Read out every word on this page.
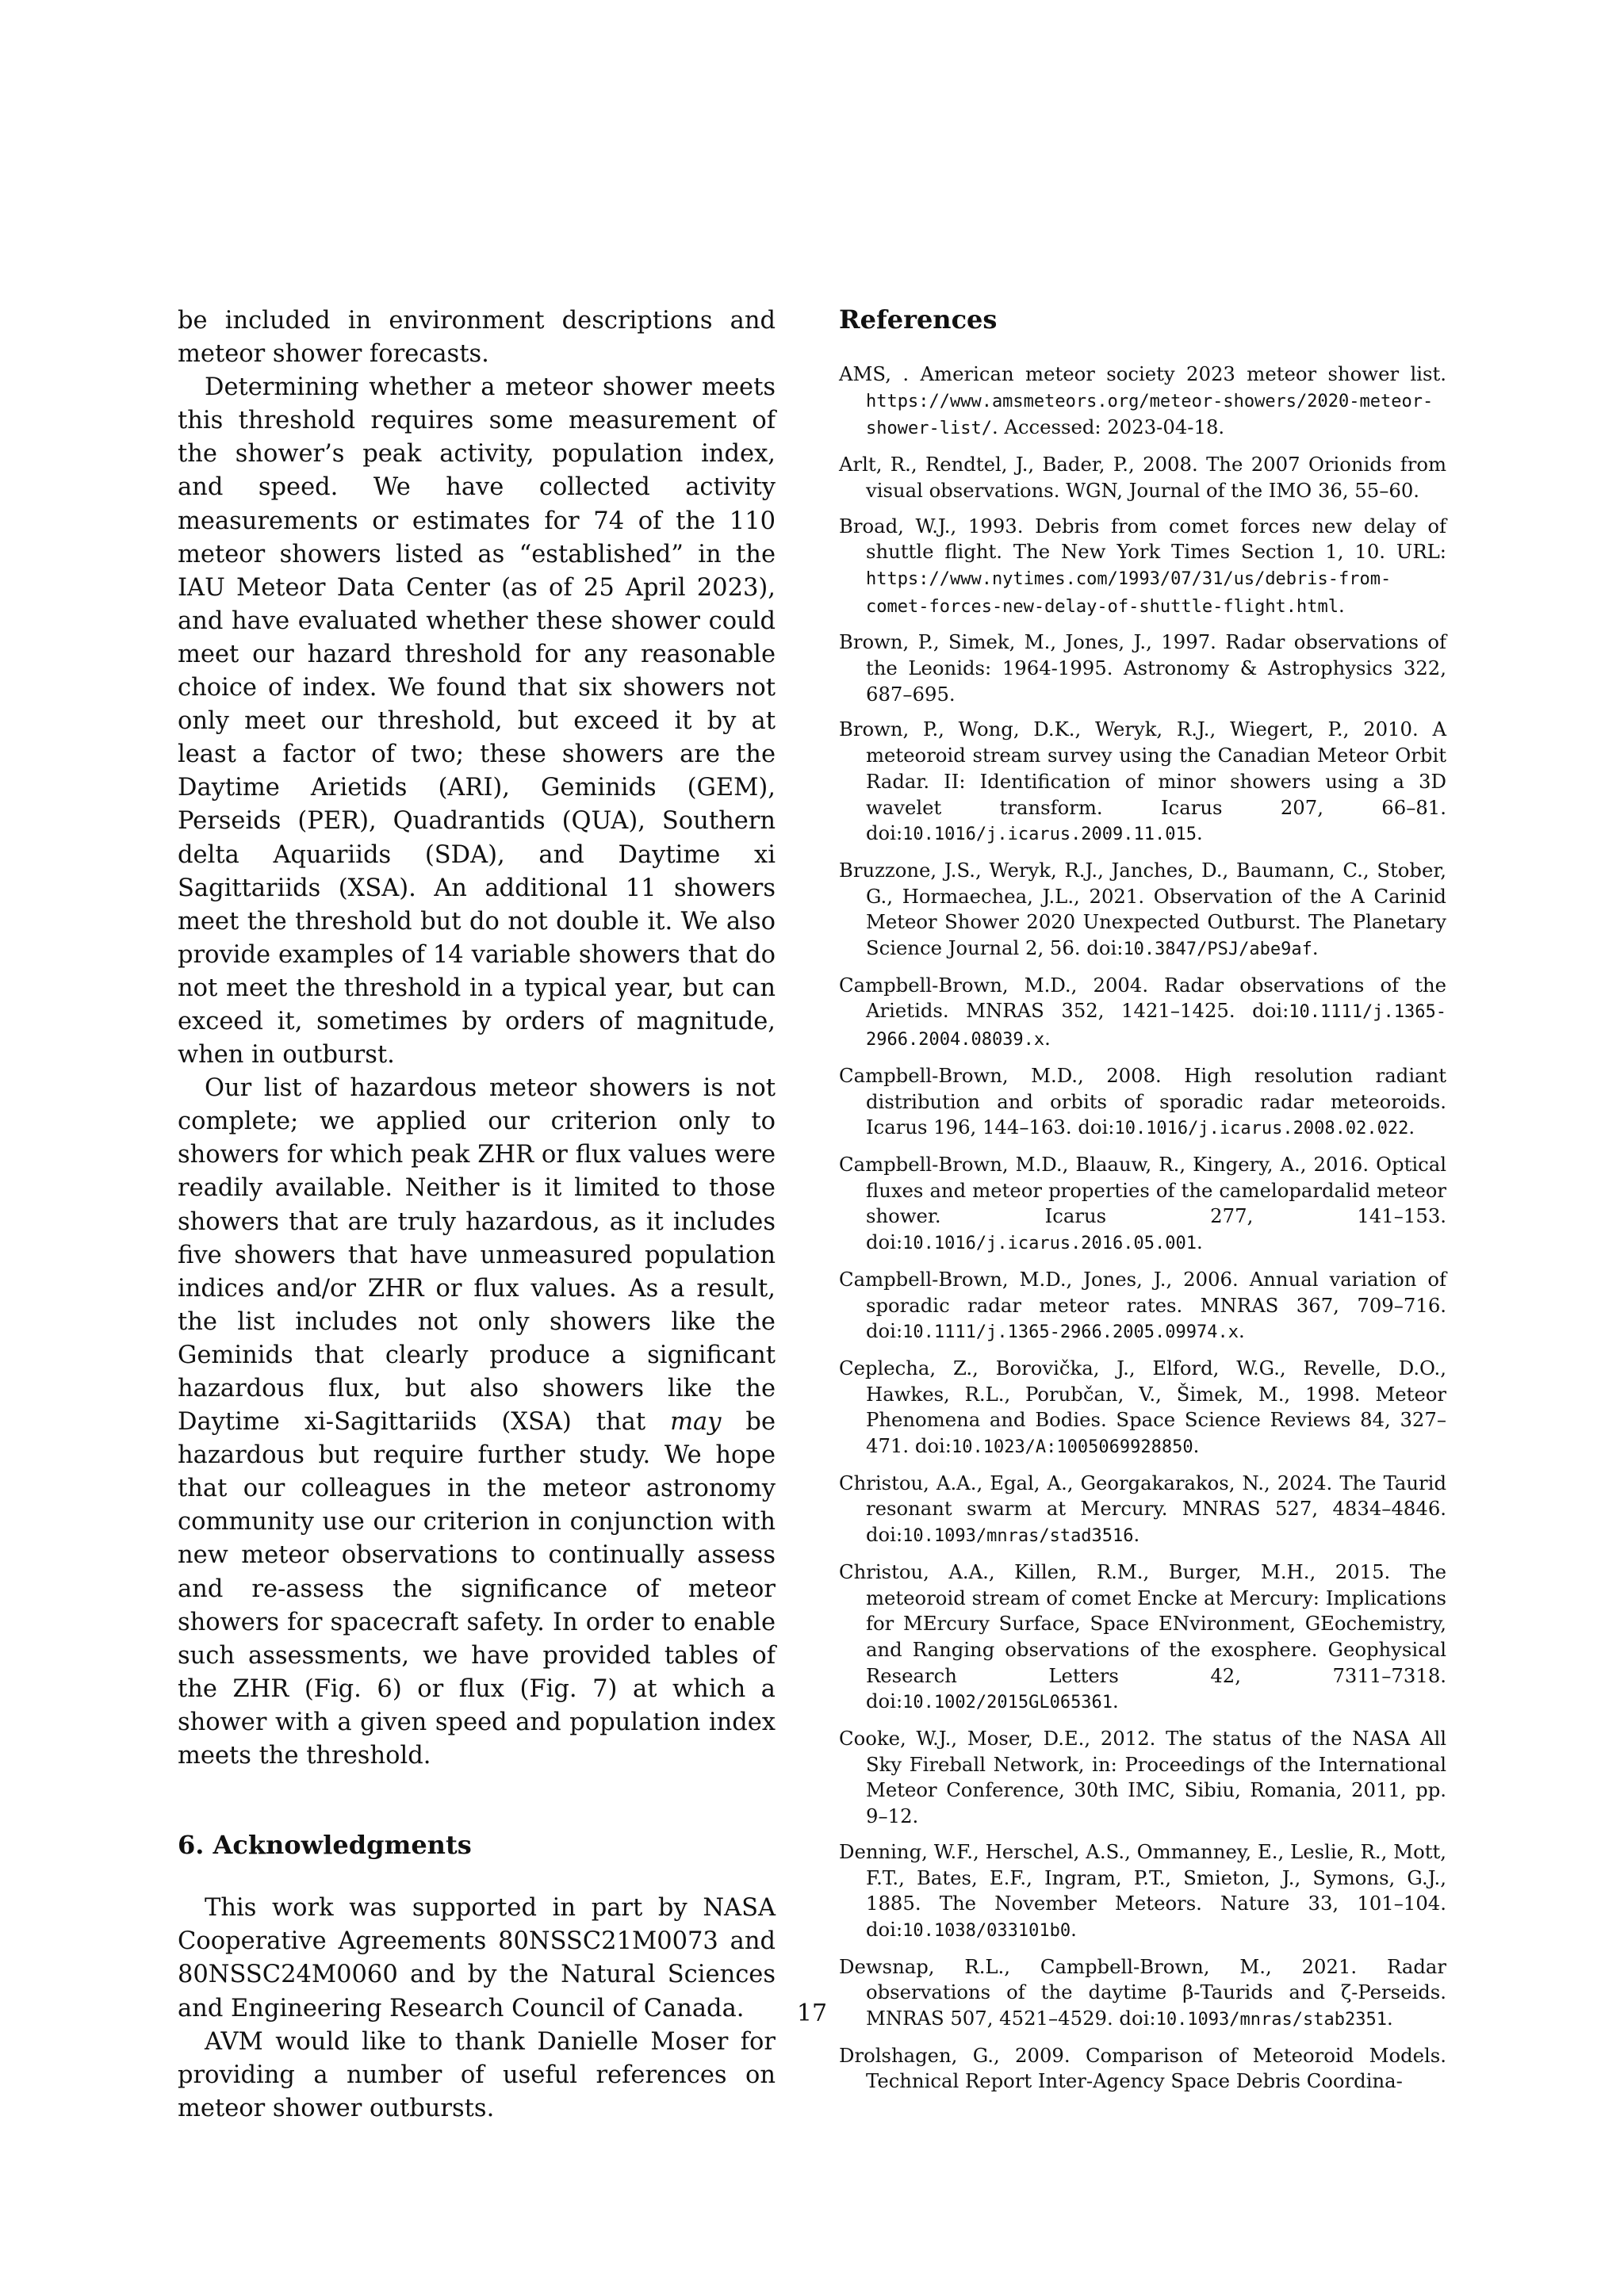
be included in environment descriptions and meteor shower forecasts.

Determining whether a meteor shower meets this threshold requires some measurement of the shower’s peak activity, population index, and speed. We have collected activity measurements or estimates for 74 of the 110 meteor showers listed as “established” in the IAU Meteor Data Center (as of 25 April 2023), and have evaluated whether these shower could meet our hazard threshold for any reasonable choice of index. We found that six showers not only meet our threshold, but exceed it by at least a factor of two; these showers are the Daytime Arietids (ARI), Geminids (GEM), Perseids (PER), Quadrantids (QUA), Southern delta Aquariids (SDA), and Daytime xi Sagittariids (XSA). An additional 11 showers meet the threshold but do not double it. We also provide examples of 14 variable showers that do not meet the threshold in a typical year, but can exceed it, sometimes by orders of magnitude, when in outburst.

Our list of hazardous meteor showers is not complete; we applied our criterion only to showers for which peak ZHR or flux values were readily available. Neither is it limited to those showers that are truly hazardous, as it includes five showers that have unmeasured population indices and/or ZHR or flux values. As a result, the list includes not only showers like the Geminids that clearly produce a significant hazardous flux, but also showers like the Daytime xi-Sagittariids (XSA) that may be hazardous but require further study. We hope that our colleagues in the meteor astronomy community use our criterion in conjunction with new meteor observations to continually assess and re-assess the significance of meteor showers for spacecraft safety. In order to enable such assessments, we have provided tables of the ZHR (Fig. 6) or flux (Fig. 7) at which a shower with a given speed and population index meets the threshold.

6. Acknowledgments

This work was supported in part by NASA Cooperative Agreements 80NSSC21M0073 and 80NSSC24M0060 and by the Natural Sciences and Engineering Research Council of Canada.

AVM would like to thank Danielle Moser for providing a number of useful references on meteor shower outbursts.

References

AMS, . American meteor society 2023 meteor shower list. https://www.amsmeteors.org/meteor-showers/2020-meteor-shower-list/. Accessed: 2023-04-18.

Arlt, R., Rendtel, J., Bader, P., 2008. The 2007 Orionids from visual observations. WGN, Journal of the IMO 36, 55–60.

Broad, W.J., 1993. Debris from comet forces new delay of shuttle flight. The New York Times Section 1, 10. URL: https://www.nytimes.com/1993/07/31/us/debris-from-comet-forces-new-delay-of-shuttle-flight.html.

Brown, P., Simek, M., Jones, J., 1997. Radar observations of the Leonids: 1964-1995. Astronomy & Astrophysics 322, 687–695.

Brown, P., Wong, D.K., Weryk, R.J., Wiegert, P., 2010. A meteoroid stream survey using the Canadian Meteor Orbit Radar. II: Identification of minor showers using a 3D wavelet transform. Icarus 207, 66–81. doi:10.1016/j.icarus.2009.11.015.

Bruzzone, J.S., Weryk, R.J., Janches, D., Baumann, C., Stober, G., Hormaechea, J.L., 2021. Observation of the A Carinid Meteor Shower 2020 Unexpected Outburst. The Planetary Science Journal 2, 56. doi:10.3847/PSJ/abe9af.

Campbell-Brown, M.D., 2004. Radar observations of the Arietids. MNRAS 352, 1421–1425. doi:10.1111/j.1365-2966.2004.08039.x.

Campbell-Brown, M.D., 2008. High resolution radiant distribution and orbits of sporadic radar meteoroids. Icarus 196, 144–163. doi:10.1016/j.icarus.2008.02.022.

Campbell-Brown, M.D., Blaauw, R., Kingery, A., 2016. Optical fluxes and meteor properties of the camelopardalid meteor shower. Icarus 277, 141–153. doi:10.1016/j.icarus.2016.05.001.

Campbell-Brown, M.D., Jones, J., 2006. Annual variation of sporadic radar meteor rates. MNRAS 367, 709–716. doi:10.1111/j.1365-2966.2005.09974.x.

Ceplecha, Z., Borovička, J., Elford, W.G., Revelle, D.O., Hawkes, R.L., Porubčan, V., Šimek, M., 1998. Meteor Phenomena and Bodies. Space Science Reviews 84, 327–471. doi:10.1023/A:1005069928850.

Christou, A.A., Egal, A., Georgakarakos, N., 2024. The Taurid resonant swarm at Mercury. MNRAS 527, 4834–4846. doi:10.1093/mnras/stad3516.

Christou, A.A., Killen, R.M., Burger, M.H., 2015. The meteoroid stream of comet Encke at Mercury: Implications for MErcury Surface, Space ENvironment, GEochemistry, and Ranging observations of the exosphere. Geophysical Research Letters 42, 7311–7318. doi:10.1002/2015GL065361.

Cooke, W.J., Moser, D.E., 2012. The status of the NASA All Sky Fireball Network, in: Proceedings of the International Meteor Conference, 30th IMC, Sibiu, Romania, 2011, pp. 9–12.

Denning, W.F., Herschel, A.S., Ommanney, E., Leslie, R., Mott, F.T., Bates, E.F., Ingram, P.T., Smieton, J., Symons, G.J., 1885. The November Meteors. Nature 33, 101–104. doi:10.1038/033101b0.

Dewsnap, R.L., Campbell-Brown, M., 2021. Radar observations of the daytime β-Taurids and ζ-Perseids. MNRAS 507, 4521–4529. doi:10.1093/mnras/stab2351.

Drolshagen, G., 2009. Comparison of Meteoroid Models. Technical Report Inter-Agency Space Debris Coordina-

17
